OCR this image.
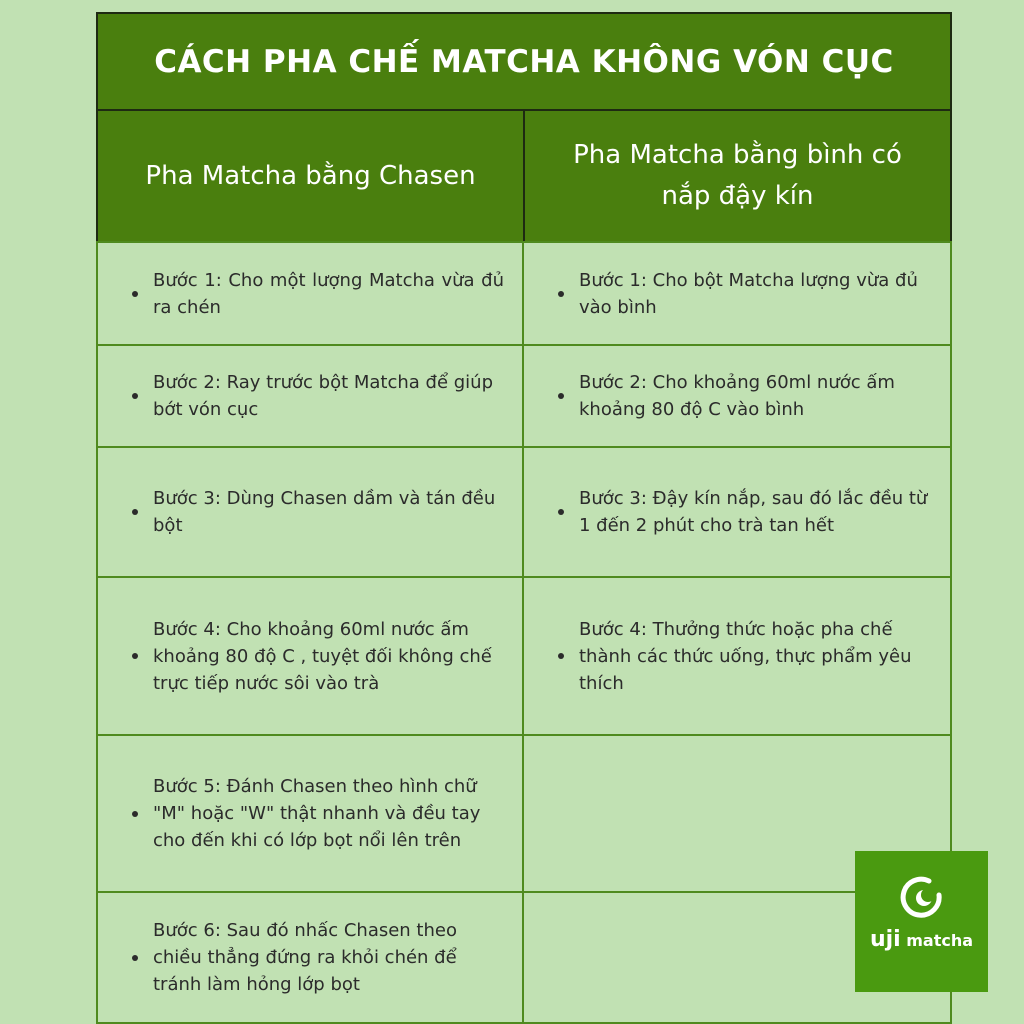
CÁCH PHA CHẾ MATCHA KHÔNG VÓN CỤC
Pha Matcha bằng Chasen
Pha Matcha bằng bình có nắp đậy kín
Bước 1: Cho một lượng Matcha vừa đủ ra chén
Bước 1: Cho bột Matcha lượng vừa đủ vào bình
Bước 2: Ray trước bột Matcha để giúp bớt vón cục
Bước 2: Cho khoảng 60ml nước ấm khoảng 80 độ C vào bình
Bước 3: Dùng Chasen dầm và tán đều bột
Bước 3: Đậy kín nắp, sau đó lắc đều từ 1 đến 2 phút cho trà tan hết
Bước 4: Cho khoảng 60ml nước ấm khoảng 80 độ C , tuyệt đối không chế trực tiếp nước sôi vào trà
Bước 4: Thưởng thức hoặc pha chế thành các thức uống, thực phẩm yêu thích
Bước 5: Đánh Chasen theo hình chữ "M" hoặc "W" thật nhanh và đều tay cho đến khi có lớp bọt nổi lên trên
Bước 6: Sau đó nhấc Chasen theo chiều thẳng đứng ra khỏi chén để tránh làm hỏng lớp bọt
uji matcha
